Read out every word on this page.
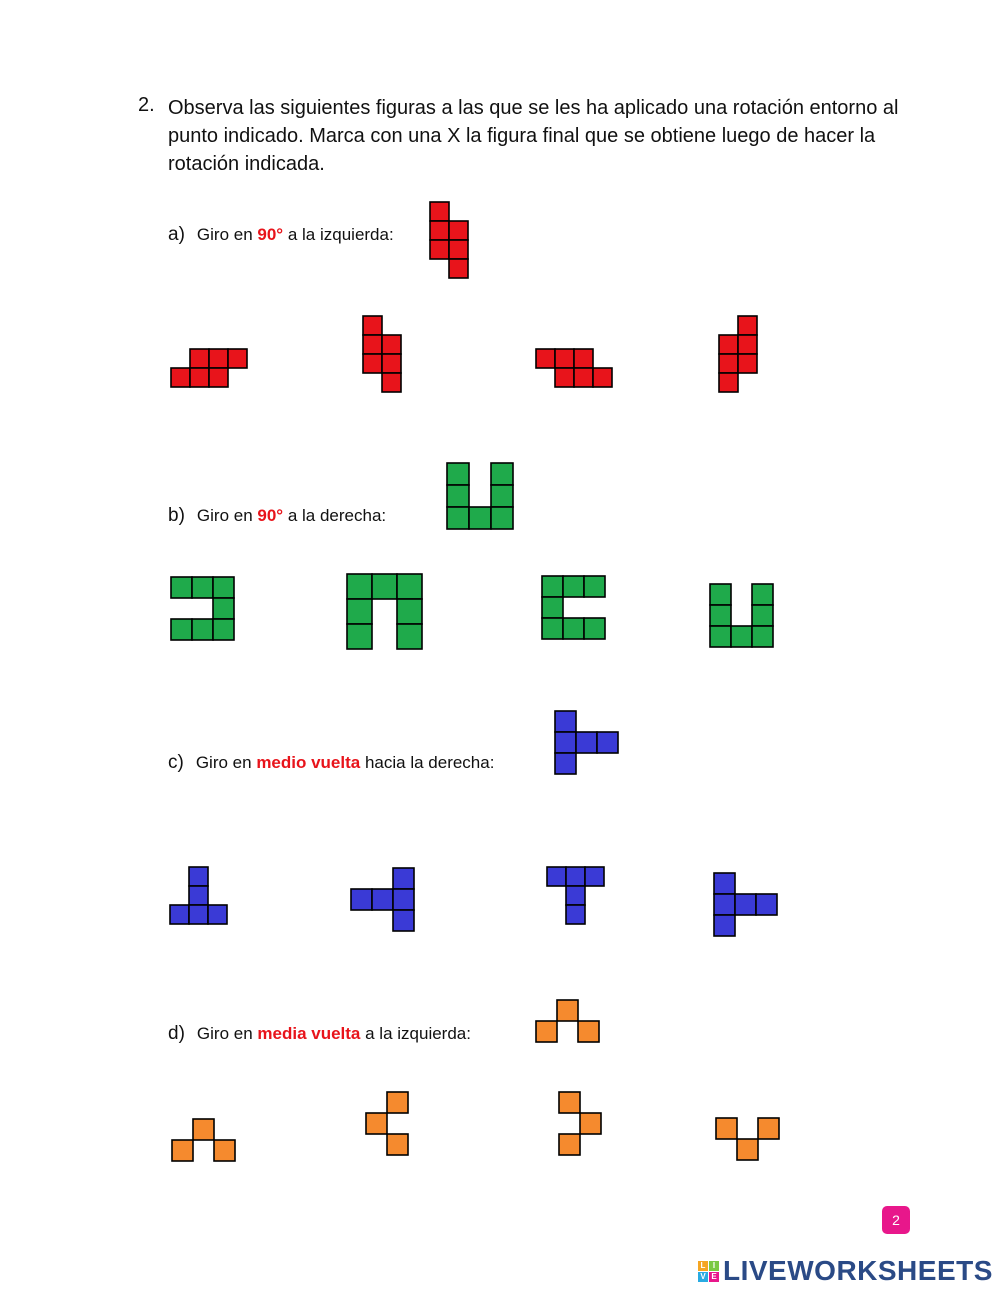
2. Observa las siguientes figuras a las que se les ha aplicado una rotación entorno al punto indicado. Marca con una X la figura final que se obtiene luego de hacer la rotación indicada.
a) Giro en 90° a la izquierda:
b) Giro en 90° a la derecha:
c) Giro en medio vuelta hacia la derecha:
d) Giro en media vuelta a la izquierda:
2
L I
V E LIVEWORKSHEETS
